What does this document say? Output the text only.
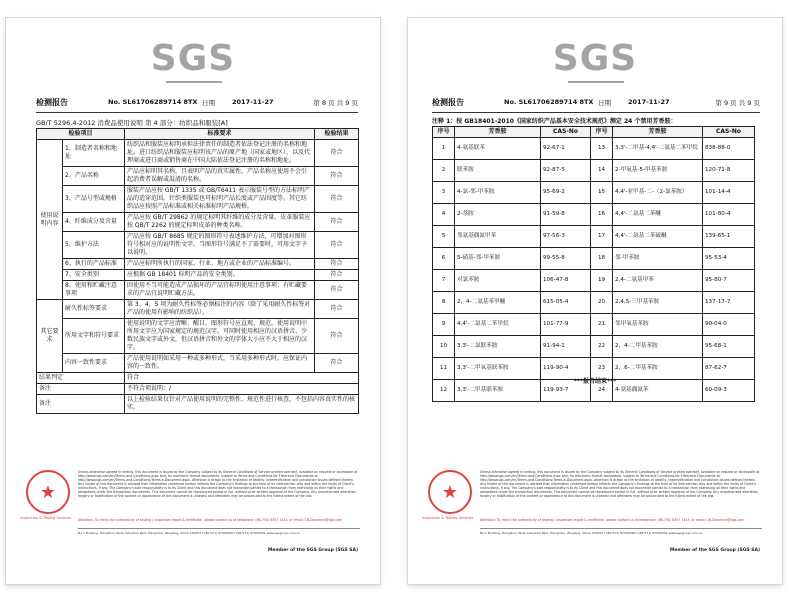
SGS
检测报告	No. SL61706289714 8TX 日期	2017-11-27	第 8 页 共 9 页
GB/T 5296.4-2012 消费品使用说明 第 4 部分：纺织品和服装[A]
检验项目		标准要求	检验结果
使用说明内容	1、制造者名称和地址	纺织品和服装应标明承担法律责任的制造者依法登记注册的名称和地址。进口纺织品和服装应标明该产品的原产地（国家或地区），以及代理商或进口商或销售商在中国大陆依法登记注册的名称和地址。	符合
	2、产品名称	产品应标明其名称，且表明产品的真实属性。产品名称应使用不会引起消费者误解或混淆的名称。	符合
	3、产品号型或规格	服装产品应按 GB/T 1335 或 GB/T6411 表示服装号型的方法标明产品的适穿范围。针织类服装也可标明产品长度或产品围度等。其它纺织品应按照产品标准或相关标准标明产品规格。	符合
	4、纤维成分及含量	产品应按 GB/T 29862 的规定标明其纤维的成分及含量。皮革服装应按 QB/T 2262 的规定标明皮革的种类名称。	符合
	5、维护方法	产品应按 GB/T 8685 规定的图形符号表述维护方法，可增加对图形符号相对应的说明性文字。当图形符号满足不了需要时，可用文字予以说明。	符合
	6、执行的产品标准	产品应标明所执行的国家、行业、地方或企业的产品标准编号。	符合
	7、安全类别	应根据 GB 18401 标明产品的安全类别。	符合
	8、使用和贮藏注意事项	因使用不当可能造成产品损坏的产品宜标明使用注意事项；有贮藏要求的产品宜说明贮藏方法。	符合
其它要求	耐久性标签要求	第 3、4、5 项为耐久性标签必须标注的内容（除了采用耐久性标签对产品的使用有影响的纺织品）。	符合
	所用文字和符号要求	使用说明的文字应清晰、醒目，图形符号应直观、规范。使用说明中所用文字应为国家规定的规范汉字，可同时使用相应的汉语拼音、少数民族文字或外文，但汉语拼音和外文的字体大小应不大于相应的汉字。	符合
	内容一致性要求	产品使用说明如采用一种或多种形式，当采用多种形式时，应保证内容的一致性。	符合
结果判定		符合	
备注		不符合项说明：/	
备注		以上检验结果仅针对产品使用说明的完整性、规范性进行核查，不包括内容真实性的核实。	
★
Inspection & Testing Services
Unless otherwise agreed in writing, this document is issued by the Company subject to its General Conditions of Service printed overleaf, available on request or accessible at http://www.sgs.com/en/Terms-and-Conditions.aspx and, for electronic format documents, subject to Terms and Conditions for Electronic Documents at http://www.sgs.com/en/Terms-and-Conditions/Terms-e-Document.aspx. Attention is drawn to the limitation of liability, indemnification and jurisdiction issues defined therein. Any holder of this document is advised that information contained hereon reflects the Company's findings at the time of its intervention only and within the limits of Client's instructions, if any. The Company's sole responsibility is to its Client and this document does not exonerate parties to a transaction from exercising all their rights and obligations under the transaction documents. This document cannot be reproduced except in full, without prior written approval of the Company. Any unauthorized alteration, forgery or falsification of the content or appearance of this document is unlawful and offenders may be prosecuted to the fullest extent of the law.
Attention: To check the authenticity of testing / inspection report & certificate, please contact us at telephone: (86-755) 8307 1443, or email: CN.Doccheck@sgs.com
No.1 Building, Hangzhou Taida Industrial Park, Hangzhou, Zhejiang, China 310052 t (86-571) 87990000 f (86-571) 87990001 www.sgsgroup.com.cn
Member of the SGS Group (SGS SA)
SGS
检测报告	No. SL61706289714 8TX 日期	2017-11-27	第 9 页 共 9 页
注释 1：按 GB18401-2010《国家纺织产品基本安全技术规范》测定 24 个禁用芳香胺：
序号	芳香胺	CAS-No	序号	芳香胺	CAS-No
1	4-氨基联苯	92-67-1	13	3,3'-二甲基-4,4'-二氨基二苯甲烷	838-88-0
2	联苯胺	92-87-5	14	2-甲氧基-5-甲基苯胺	120-71-8
3	4-氯-邻-甲苯胺	95-69-2	15	4,4'-亚甲基-二-（2-氯苯胺）	101-14-4
4	2-萘胺	91-59-8	16	4,4'-二氨基二苯醚	101-80-4
5	邻氨基偶氮甲苯	97-56-3	17	4,4'-二氨基二苯硫醚	139-65-1
6	5-硝基-邻-甲苯胺	99-55-8	18	邻-甲苯胺	95-53-4
7	对氯苯胺	106-47-8	19	2,4-二氨基甲苯	95-80-7
8	2，4-二氨基苯甲醚	615-05-4	20	2,4,5-三甲基苯胺	137-17-7
9	4,4'-二氨基二苯甲烷	101-77-9	21	邻甲氧基苯胺	90-04-0
10	3,3'-二氯联苯胺	91-94-1	22	2，4-二甲基苯胺	95-68-1
11	3,3'-二甲氧基联苯胺	119-90-4	23	2，6-二甲基苯胺	87-62-7
12	3,3'-二甲基联苯胺	119-93-7	24	4-氨基偶氮苯	60-09-3
***报告结束***
★
Inspection & Testing Services
Unless otherwise agreed in writing, this document is issued by the Company subject to its General Conditions of Service printed overleaf, available on request or accessible at http://www.sgs.com/en/Terms-and-Conditions.aspx and, for electronic format documents, subject to Terms and Conditions for Electronic Documents at http://www.sgs.com/en/Terms-and-Conditions/Terms-e-Document.aspx. Attention is drawn to the limitation of liability, indemnification and jurisdiction issues defined therein. Any holder of this document is advised that information contained hereon reflects the Company's findings at the time of its intervention only and within the limits of Client's instructions, if any. The Company's sole responsibility is to its Client and this document does not exonerate parties to a transaction from exercising all their rights and obligations under the transaction documents. This document cannot be reproduced except in full, without prior written approval of the Company. Any unauthorized alteration, forgery or falsification of the content or appearance of this document is unlawful and offenders may be prosecuted to the fullest extent of the law.
Attention: To check the authenticity of testing / inspection report & certificate, please contact us at telephone: (86-755) 8307 1443, or email: CN.Doccheck@sgs.com
No.1 Building, Hangzhou Taida Industrial Park, Hangzhou, Zhejiang, China 310052 t (86-571) 87990000 f (86-571) 87990001 www.sgsgroup.com.cn
Member of the SGS Group (SGS SA)
